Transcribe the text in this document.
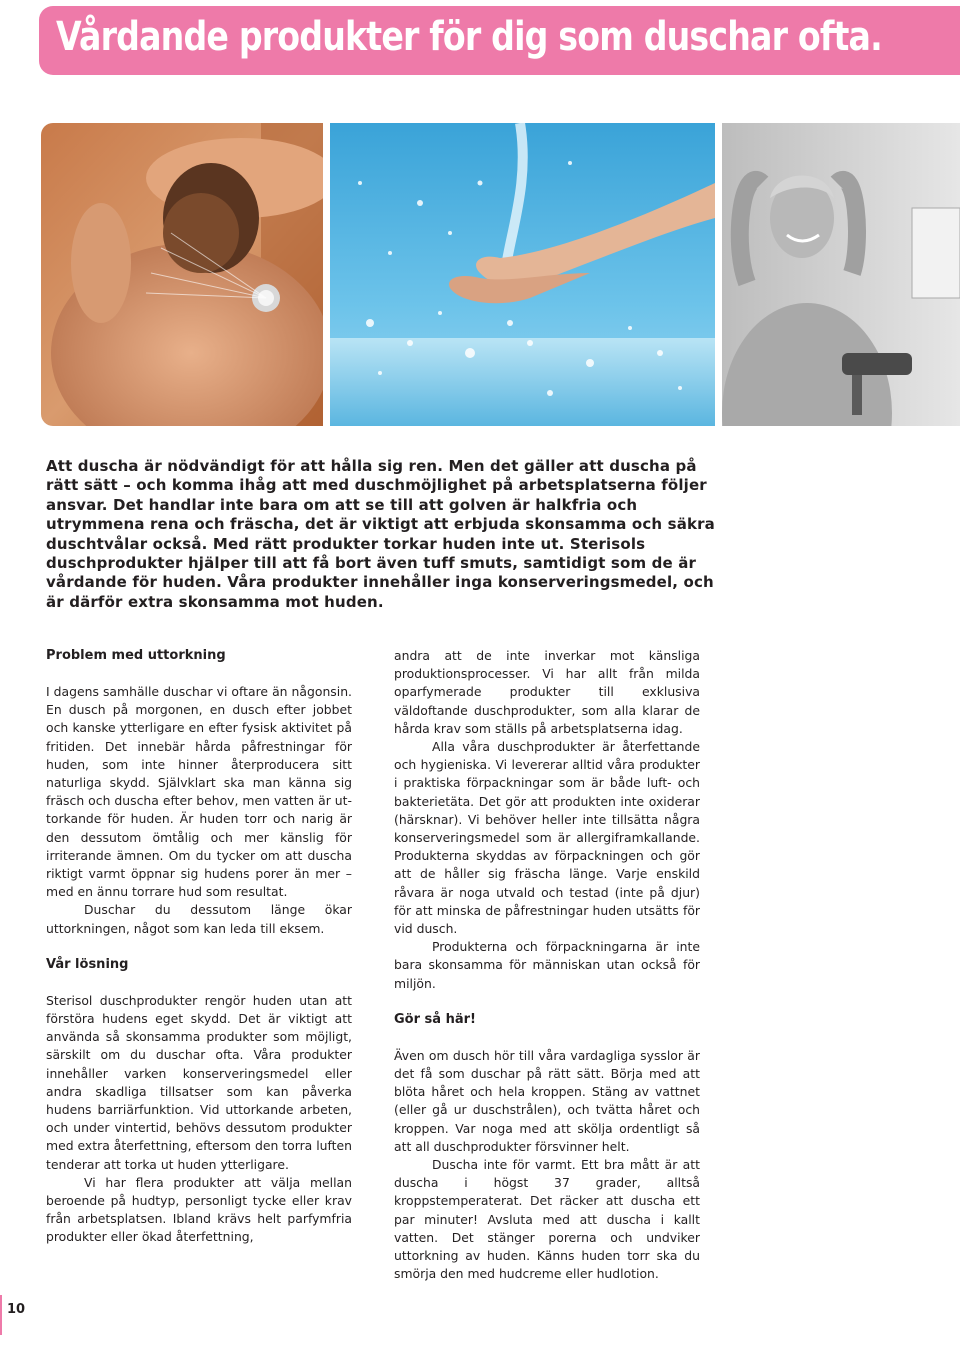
Vårdande produkter för dig som duschar ofta.
Att duscha är nödvändigt för att hålla sig ren. Men det gäller att duscha på rätt sätt – och komma ihåg att med duschmöjlighet på arbetsplatserna följer ansvar. Det handlar inte bara om att se till att golven är halkfria och utrymmena rena och fräscha, det är viktigt att erbjuda skonsamma och säkra duschtvålar också. Med rätt produkter torkar huden inte ut. Sterisols duschprodukter hjälper till att få bort även tuff smuts, samtidigt som de är vårdande för huden. Våra produkter innehåller inga konserveringsmedel, och är därför extra skonsamma mot huden.
Problem med uttorkning

I dagens samhälle duschar vi oftare än någonsin. En dusch på morgonen, en dusch efter jobbet och kanske ytterligare en efter fysisk aktivitet på fritiden. Det innebär hårda påfrestningar för huden, som inte hinner återproducera sitt naturliga skydd. Självklart ska man känna sig fräsch och duscha efter behov, men vatten är ut-torkande för huden. Är huden torr och narig är den dessutom ömtålig och mer känslig för irriterande ämnen. Om du tycker om att duscha riktigt varmt öppnar sig hudens porer än mer – med en ännu torrare hud som resultat.

Duschar du dessutom länge ökar uttorkningen, något som kan leda till eksem.

Vår lösning

Sterisol duschprodukter rengör huden utan att förstöra hudens eget skydd. Det är viktigt att använda så skonsamma produkter som möjligt, särskilt om du duschar ofta. Våra produkter innehåller varken konserveringsmedel eller andra skadliga tillsatser som kan påverka hudens barriärfunktion. Vid uttorkande arbeten, och under vintertid, behövs dessutom produkter med extra återfettning, eftersom den torra luften tenderar att torka ut huden ytterligare.

Vi har flera produkter att välja mellan beroende på hudtyp, personligt tycke eller krav från arbetsplatsen. Ibland krävs helt parfymfria produkter eller ökad återfettning,

andra att de inte inverkar mot känsliga produktionsprocesser. Vi har allt från milda oparfymerade produkter till exklusiva väldoftande duschprodukter, som alla klarar de hårda krav som ställs på arbetsplatserna idag.

Alla våra duschprodukter är återfettande och hygieniska. Vi levererar alltid våra produkter i praktiska förpackningar som är både luft- och bakterietäta. Det gör att produkten inte oxiderar (härsknar). Vi behöver heller inte tillsätta några konserveringsmedel som är allergiframkallande. Produkterna skyddas av förpackningen och gör att de håller sig fräscha länge. Varje enskild råvara är noga utvald och testad (inte på djur) för att minska de påfrestningar huden utsätts för vid dusch.

Produkterna och förpackningarna är inte bara skonsamma för människan utan också för miljön.

Gör så här!

Även om dusch hör till våra vardagliga sysslor är det få som duschar på rätt sätt. Börja med att blöta håret och hela kroppen. Stäng av vattnet (eller gå ur duschstrålen), och tvätta håret och kroppen. Var noga med att skölja ordentligt så att all duschprodukter försvinner helt.

Duscha inte för varmt. Ett bra mått är att duscha i högst 37 grader, alltså kroppstemperaterat. Det räcker att duscha ett par minuter! Avsluta med att duscha i kallt vatten. Det stänger porerna och undviker uttorkning av huden. Känns huden torr ska du smörja den med hudcreme eller hudlotion.

10
